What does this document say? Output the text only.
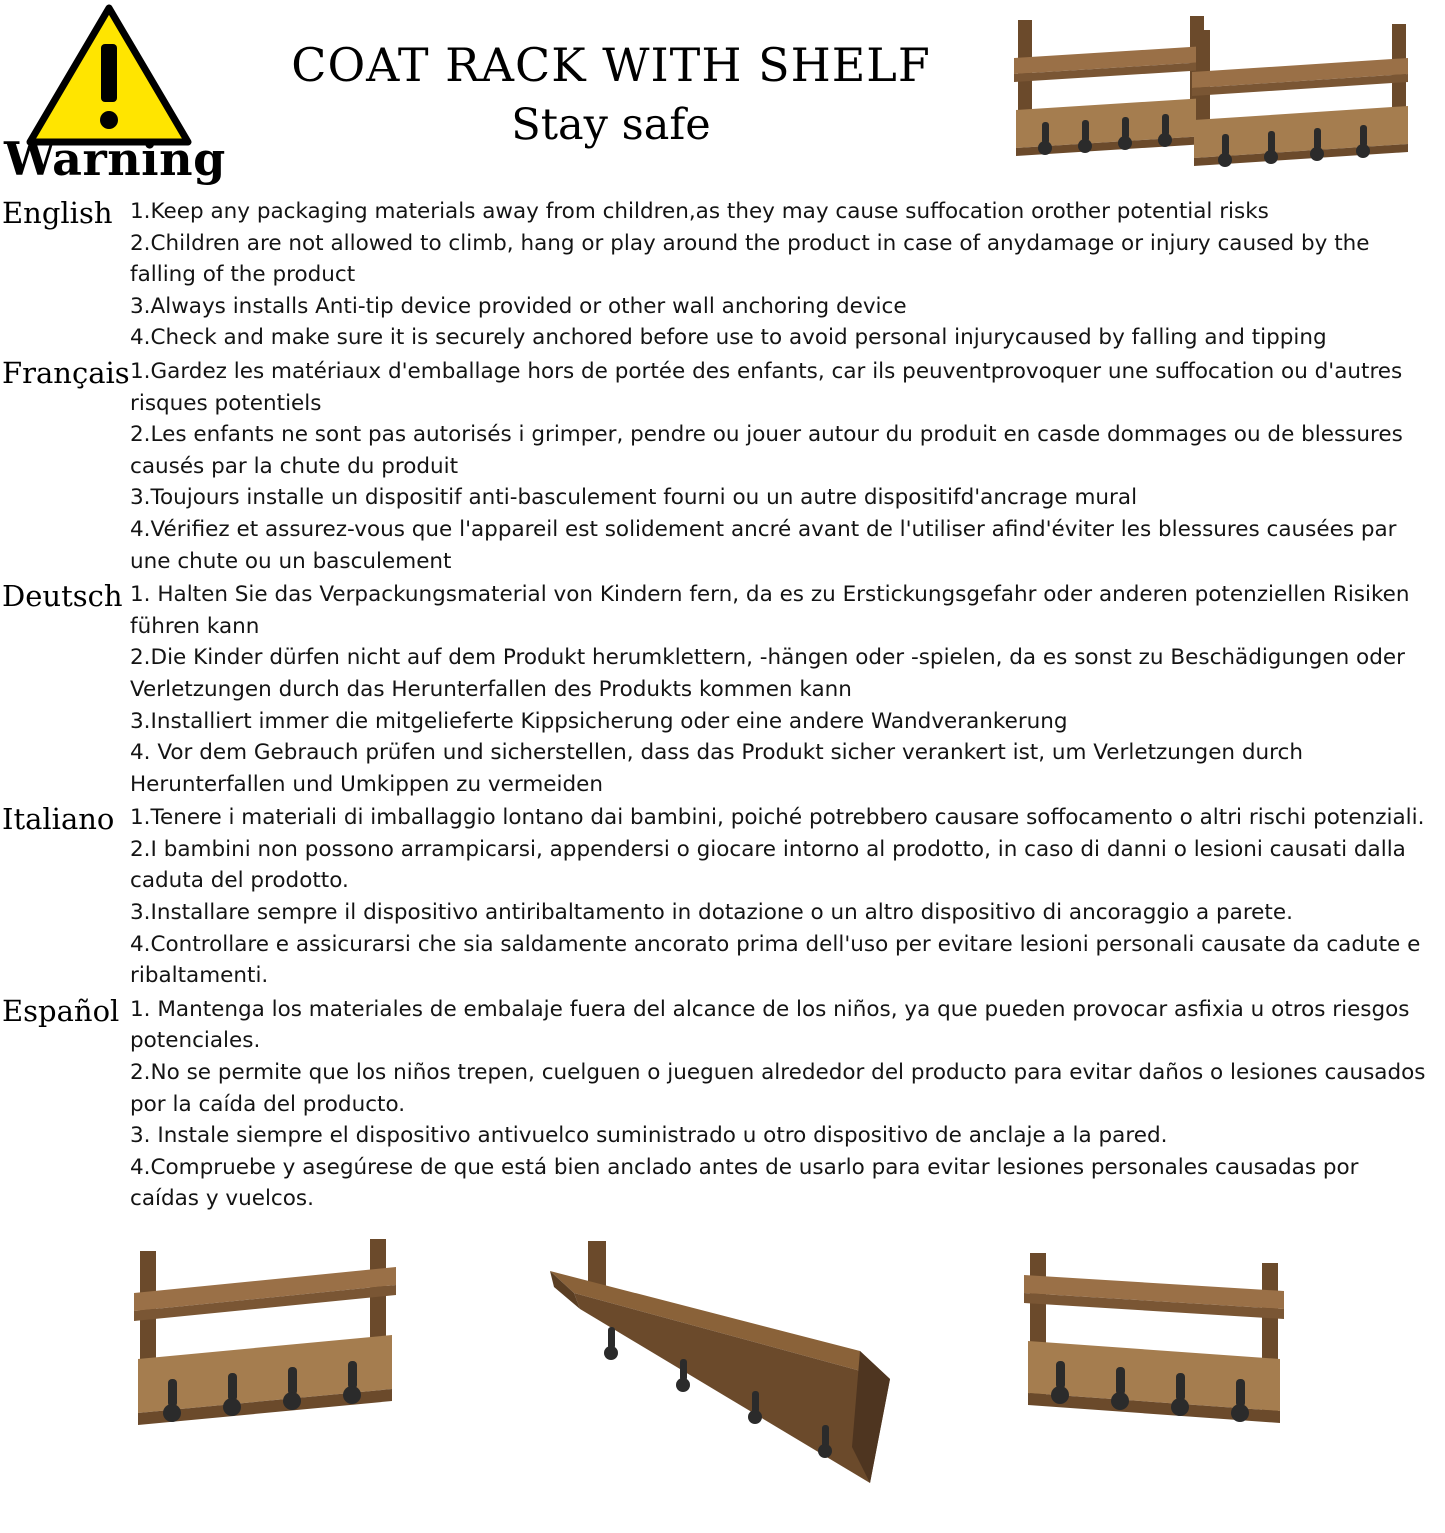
Warning
COAT RACK WITH SHELF
Stay safe
English 1.Keep any packaging materials away from children,as they may cause suffocation orother potential risks
2.Children are not allowed to climb, hang or play around the product in case of anydamage or injury caused by the falling of the product
3.Always installs Anti-tip device provided or other wall anchoring device
4.Check and make sure it is securely anchored before use to avoid personal injurycaused by falling and tipping
Français 1.Gardez les matériaux d'emballage hors de portée des enfants, car ils peuventprovoquer une suffocation ou d'autres risques potentiels
2.Les enfants ne sont pas autorisés i grimper, pendre ou jouer autour du produit en casde dommages ou de blessures causés par la chute du produit
3.Toujours installe un dispositif anti-basculement fourni ou un autre dispositifd'ancrage mural
4.Vérifiez et assurez-vous que l'appareil est solidement ancré avant de l'utiliser afind'éviter les blessures causées par une chute ou un basculement
Deutsch 1. Halten Sie das Verpackungsmaterial von Kindern fern, da es zu Erstickungsgefahr oder anderen potenziellen Risiken führen kann
2.Die Kinder dürfen nicht auf dem Produkt herumklettern, -hängen oder -spielen, da es sonst zu Beschädigungen oder Verletzungen durch das Herunterfallen des Produkts kommen kann
3.Installiert immer die mitgelieferte Kippsicherung oder eine andere Wandverankerung
4. Vor dem Gebrauch prüfen und sicherstellen, dass das Produkt sicher verankert ist, um Verletzungen durch Herunterfallen und Umkippen zu vermeiden
Italiano 1.Tenere i materiali di imballaggio lontano dai bambini, poiché potrebbero causare soffocamento o altri rischi potenziali.
2.I bambini non possono arrampicarsi, appendersi o giocare intorno al prodotto, in caso di danni o lesioni causati dalla caduta del prodotto.
3.Installare sempre il dispositivo antiribaltamento in dotazione o un altro dispositivo di ancoraggio a parete.
4.Controllare e assicurarsi che sia saldamente ancorato prima dell'uso per evitare lesioni personali causate da cadute e ribaltamenti.
Español 1. Mantenga los materiales de embalaje fuera del alcance de los niños, ya que pueden provocar asfixia u otros riesgos potenciales.
2.No se permite que los niños trepen, cuelguen o jueguen alrededor del producto para evitar daños o lesiones causados por la caída del producto.
3. Instale siempre el dispositivo antivuelco suministrado u otro dispositivo de anclaje a la pared.
4.Compruebe y asegúrese de que está bien anclado antes de usarlo para evitar lesiones personales causadas por caídas y vuelcos.
